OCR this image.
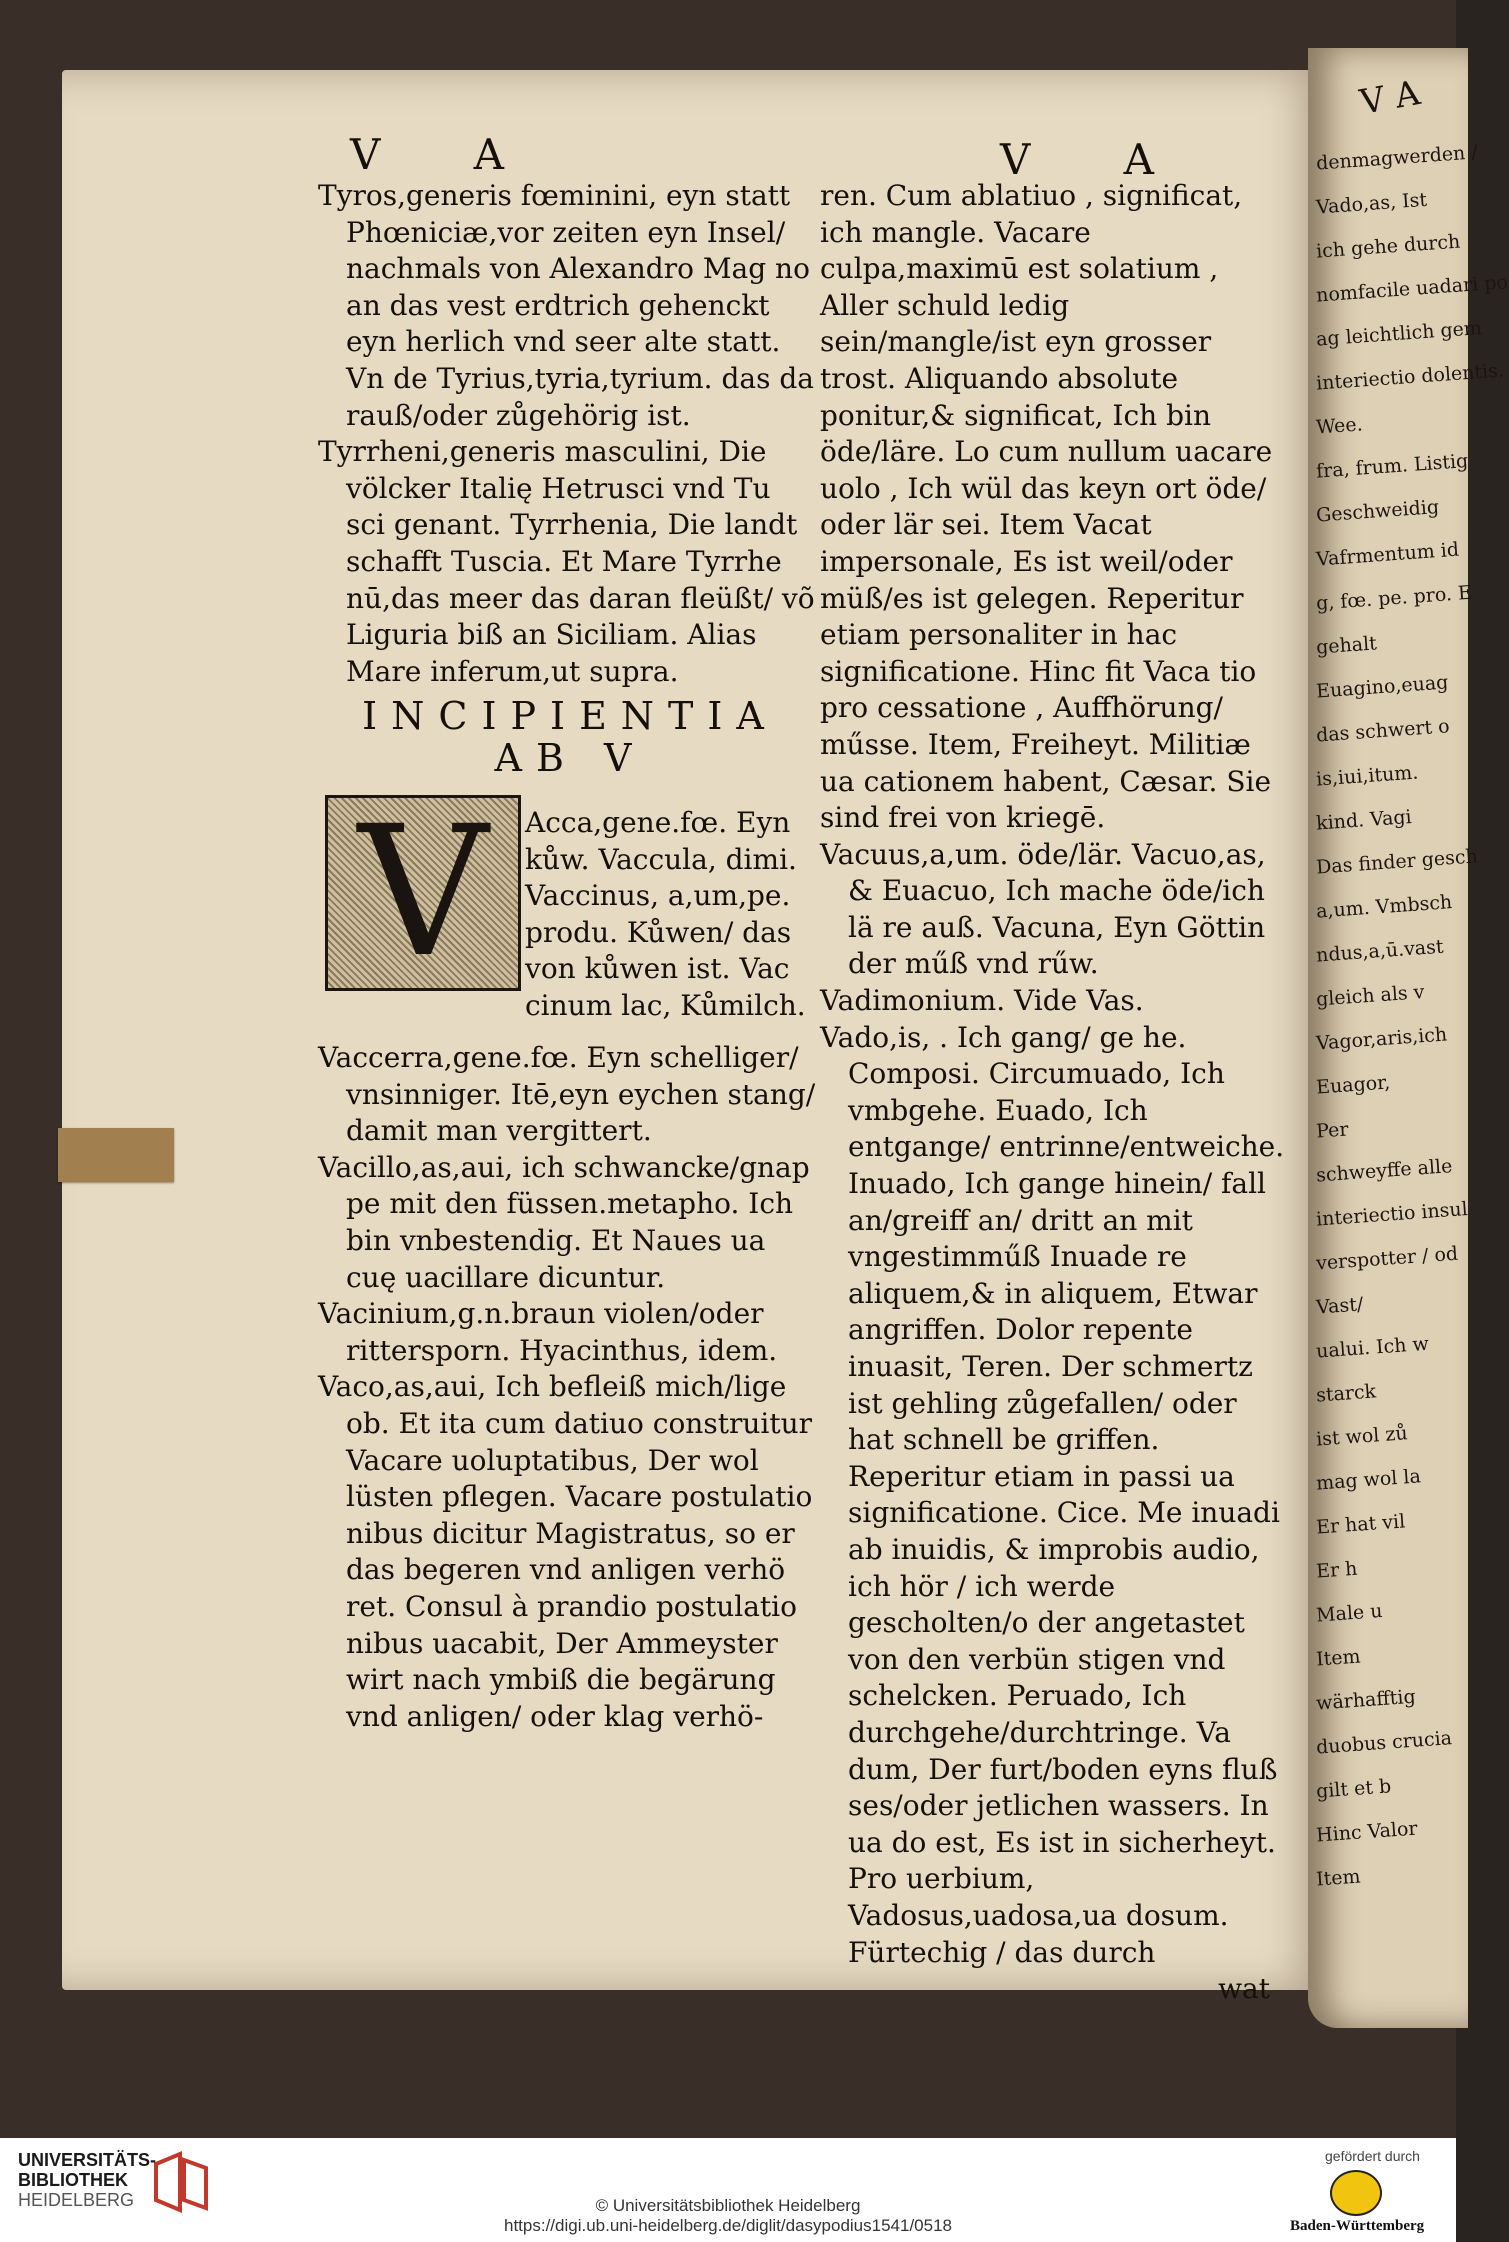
V A
denmagwerden /
Vado,as, Ist
ich gehe durch
nomfacile uadari po
ag leichtlich gem
interiectio dolentis.
Wee.
fra, frum. Listig
Geschweidig
Vafrmentum id
g, fœ. pe. pro. E
gehalt
Euagino,euag
das schwert o
is,iui,itum.
kind. Vagi
Das finder gesch
a,um. Vmbsch
ndus,a,ū.vast
gleich als v
Vagor,aris,ich
Euagor,
Per
schweyffe alle
interiectio insul
verspotter / od
Vast/
ualui. Ich w
starck
ist wol zů
mag wol la
Er hat vil
Er h
Male u
Item
wärhafftig
duobus crucia
gilt et b
Hinc Valor
Item
V A	V A

Tyros,generis fœminini, eyn statt Phœniciæ,vor zeiten eyn Insel/ nachmals von Alexandro Mag no an das vest erdtrich gehenckt eyn herlich vnd seer alte statt. Vn de Tyrius,tyria,tyrium. das da rauß/oder zůgehörig ist.

Tyrrheni,generis masculini, Die völcker Italię Hetrusci vnd Tu sci genant. Tyrrhenia, Die landt schafft Tuscia. Et Mare Tyrrhe nū,das meer das daran fleüßt/ võ Liguria biß an Siciliam. Alias Mare inferum,ut supra.

INCIPIENTIA
AB V
V	Acca,gene.fœ. Eyn kůw. Vaccula, dimi. Vaccinus, a,um,pe. produ. Kůwen/ das von kůwen ist. Vac cinum lac, Kůmilch.

Vaccerra,gene.fœ. Eyn schelliger/ vnsinniger. Itē,eyn eychen stang/ damit man vergittert.

Vacillo,as,aui, ich schwancke/gnap pe mit den füssen.metapho. Ich bin vnbestendig. Et Naues ua cuę uacillare dicuntur.

Vacinium,g.n.braun violen/oder rittersporn. Hyacinthus, idem.

Vaco,as,aui, Ich befleiß mich/lige ob. Et ita cum datiuo construitur Vacare uoluptatibus, Der wol lüsten pflegen. Vacare postulatio nibus dicitur Magistratus, so er das begeren vnd anligen verhö ret. Consul à prandio postulatio nibus uacabit, Der Ammeyster wirt nach ymbiß die begärung vnd anligen/ oder klag verhö-

ren. Cum ablatiuo , significat, ich mangle. Vacare culpa,maximū est solatium , Aller schuld ledig sein/mangle/ist eyn grosser trost. Aliquando absolute ponitur,& significat, Ich bin öde/läre. Lo cum nullum uacare uolo , Ich wül das keyn ort öde/ oder lär sei. Item Vacat impersonale, Es ist weil/oder müß/es ist gelegen. Reperitur etiam personaliter in hac significatione. Hinc fit Vaca tio pro cessatione , Auffhörung/ műsse. Item, Freiheyt. Militiæ ua cationem habent, Cæsar. Sie sind frei von kriegē.

Vacuus,a,um. öde/lär. Vacuo,as, & Euacuo, Ich mache öde/ich lä re auß. Vacuna, Eyn Göttin der műß vnd rűw.

Vadimonium. Vide Vas.

Vado,is, . Ich gang/ ge he. Composi. Circumuado, Ich vmbgehe. Euado, Ich entgange/ entrinne/entweiche. Inuado, Ich gange hinein/ fall an/greiff an/ dritt an mit vngestimműß Inuade re aliquem,& in aliquem, Etwar angriffen. Dolor repente inuasit, Teren. Der schmertz ist gehling zůgefallen/ oder hat schnell be griffen. Reperitur etiam in passi ua significatione. Cice. Me inuadi ab inuidis, & improbis audio, ich hör / ich werde gescholten/o der angetastet von den verbün stigen vnd schelcken. Peruado, Ich durchgehe/durchtringe. Va dum, Der furt/boden eyns fluß ses/oder jetlichen wassers. In ua do est, Es ist in sicherheyt. Pro uerbium, Vadosus,uadosa,ua dosum. Fürtechig / das durch

wat

UNIVERSITÄTS-
BIBLIOTHEK
HEIDELBERG	© Universitätsbibliothek Heidelberg
https://digi.ub.uni-heidelberg.de/diglit/dasypodius1541/0518
gefördert durch
Baden-Württemberg
